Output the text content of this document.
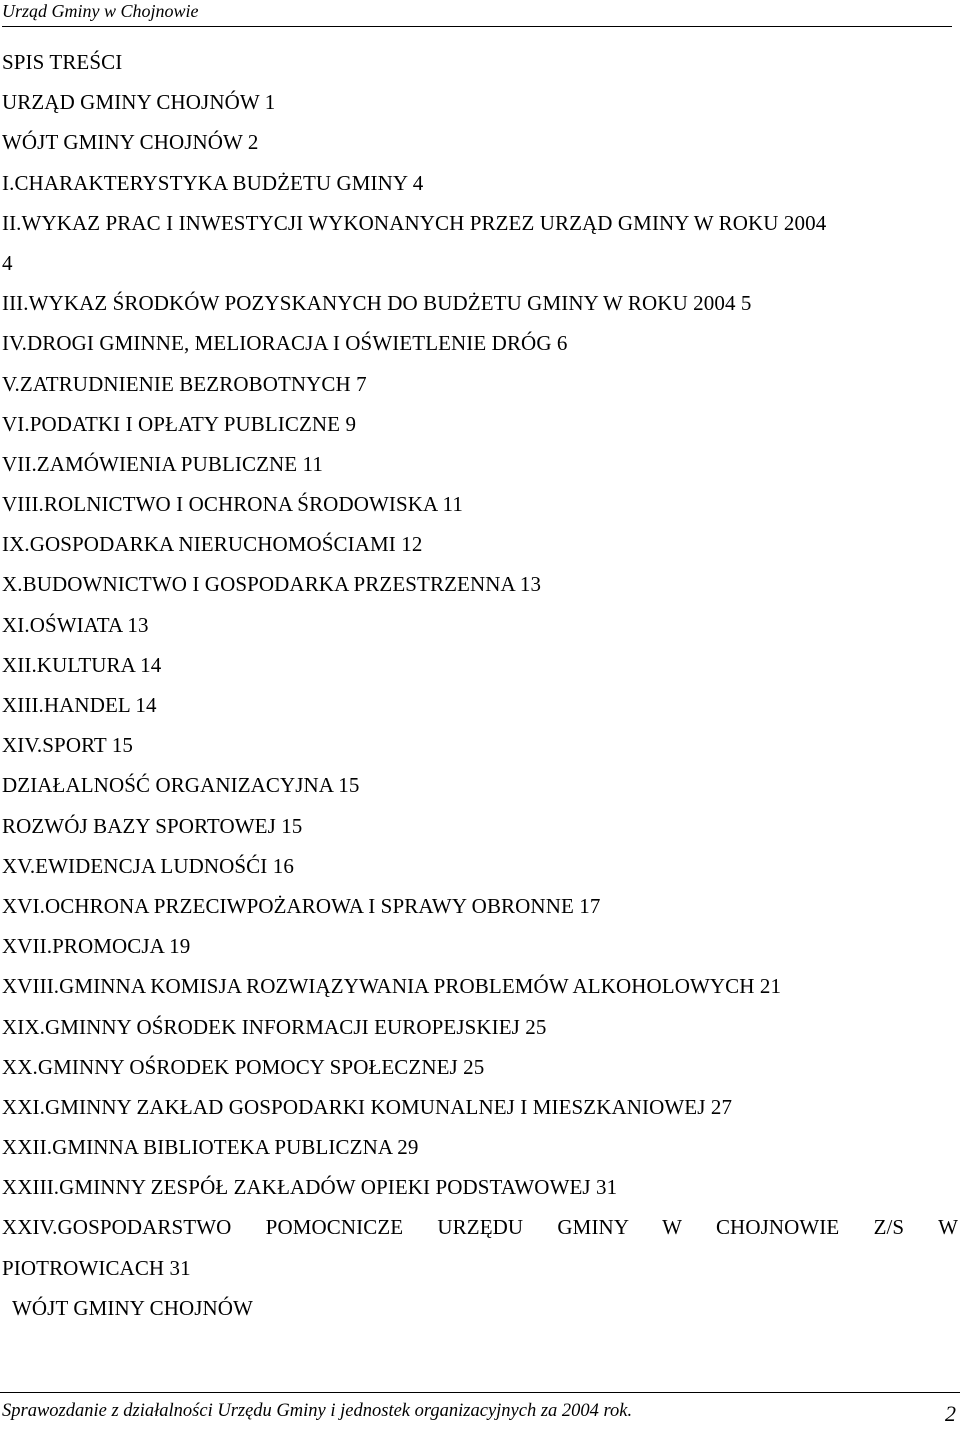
Urząd Gminy w Chojnowie
SPIS TREŚCI
URZĄD GMINY CHOJNÓW 1
WÓJT GMINY CHOJNÓW 2
I.CHARAKTERYSTYKA BUDŻETU GMINY 4
II.WYKAZ PRAC I INWESTYCJI WYKONANYCH PRZEZ URZĄD GMINY W ROKU 2004
4
III.WYKAZ ŚRODKÓW POZYSKANYCH DO BUDŻETU GMINY W ROKU 2004 5
IV.DROGI GMINNE, MELIORACJA I OŚWIETLENIE DRÓG 6
V.ZATRUDNIENIE BEZROBOTNYCH 7
VI.PODATKI I OPŁATY PUBLICZNE 9
VII.ZAMÓWIENIA PUBLICZNE 11
VIII.ROLNICTWO I OCHRONA ŚRODOWISKA 11
IX.GOSPODARKA NIERUCHOMOŚCIAMI 12
X.BUDOWNICTWO I GOSPODARKA PRZESTRZENNA 13
XI.OŚWIATA 13
XII.KULTURA 14
XIII.HANDEL 14
XIV.SPORT 15
DZIAŁALNOŚĆ ORGANIZACYJNA 15
ROZWÓJ BAZY SPORTOWEJ 15
XV.EWIDENCJA LUDNOŚĆI 16
XVI.OCHRONA PRZECIWPOŻAROWA I SPRAWY OBRONNE 17
XVII.PROMOCJA 19
XVIII.GMINNA KOMISJA ROZWIĄZYWANIA PROBLEMÓW ALKOHOLOWYCH 21
XIX.GMINNY OŚRODEK INFORMACJI EUROPEJSKIEJ 25
XX.GMINNY OŚRODEK POMOCY SPOŁECZNEJ 25
XXI.GMINNY ZAKŁAD GOSPODARKI KOMUNALNEJ I MIESZKANIOWEJ 27
XXII.GMINNA BIBLIOTEKA PUBLICZNA 29
XXIII.GMINNY ZESPÓŁ ZAKŁADÓW OPIEKI PODSTAWOWEJ 31
XXIV.GOSPODARSTWO POMOCNICZE URZĘDU GMINY W CHOJNOWIE Z/S W
PIOTROWICACH 31
WÓJT GMINY CHOJNÓW
Sprawozdanie z działalności Urzędu Gminy i jednostek organizacyjnych za 2004 rok.	2
